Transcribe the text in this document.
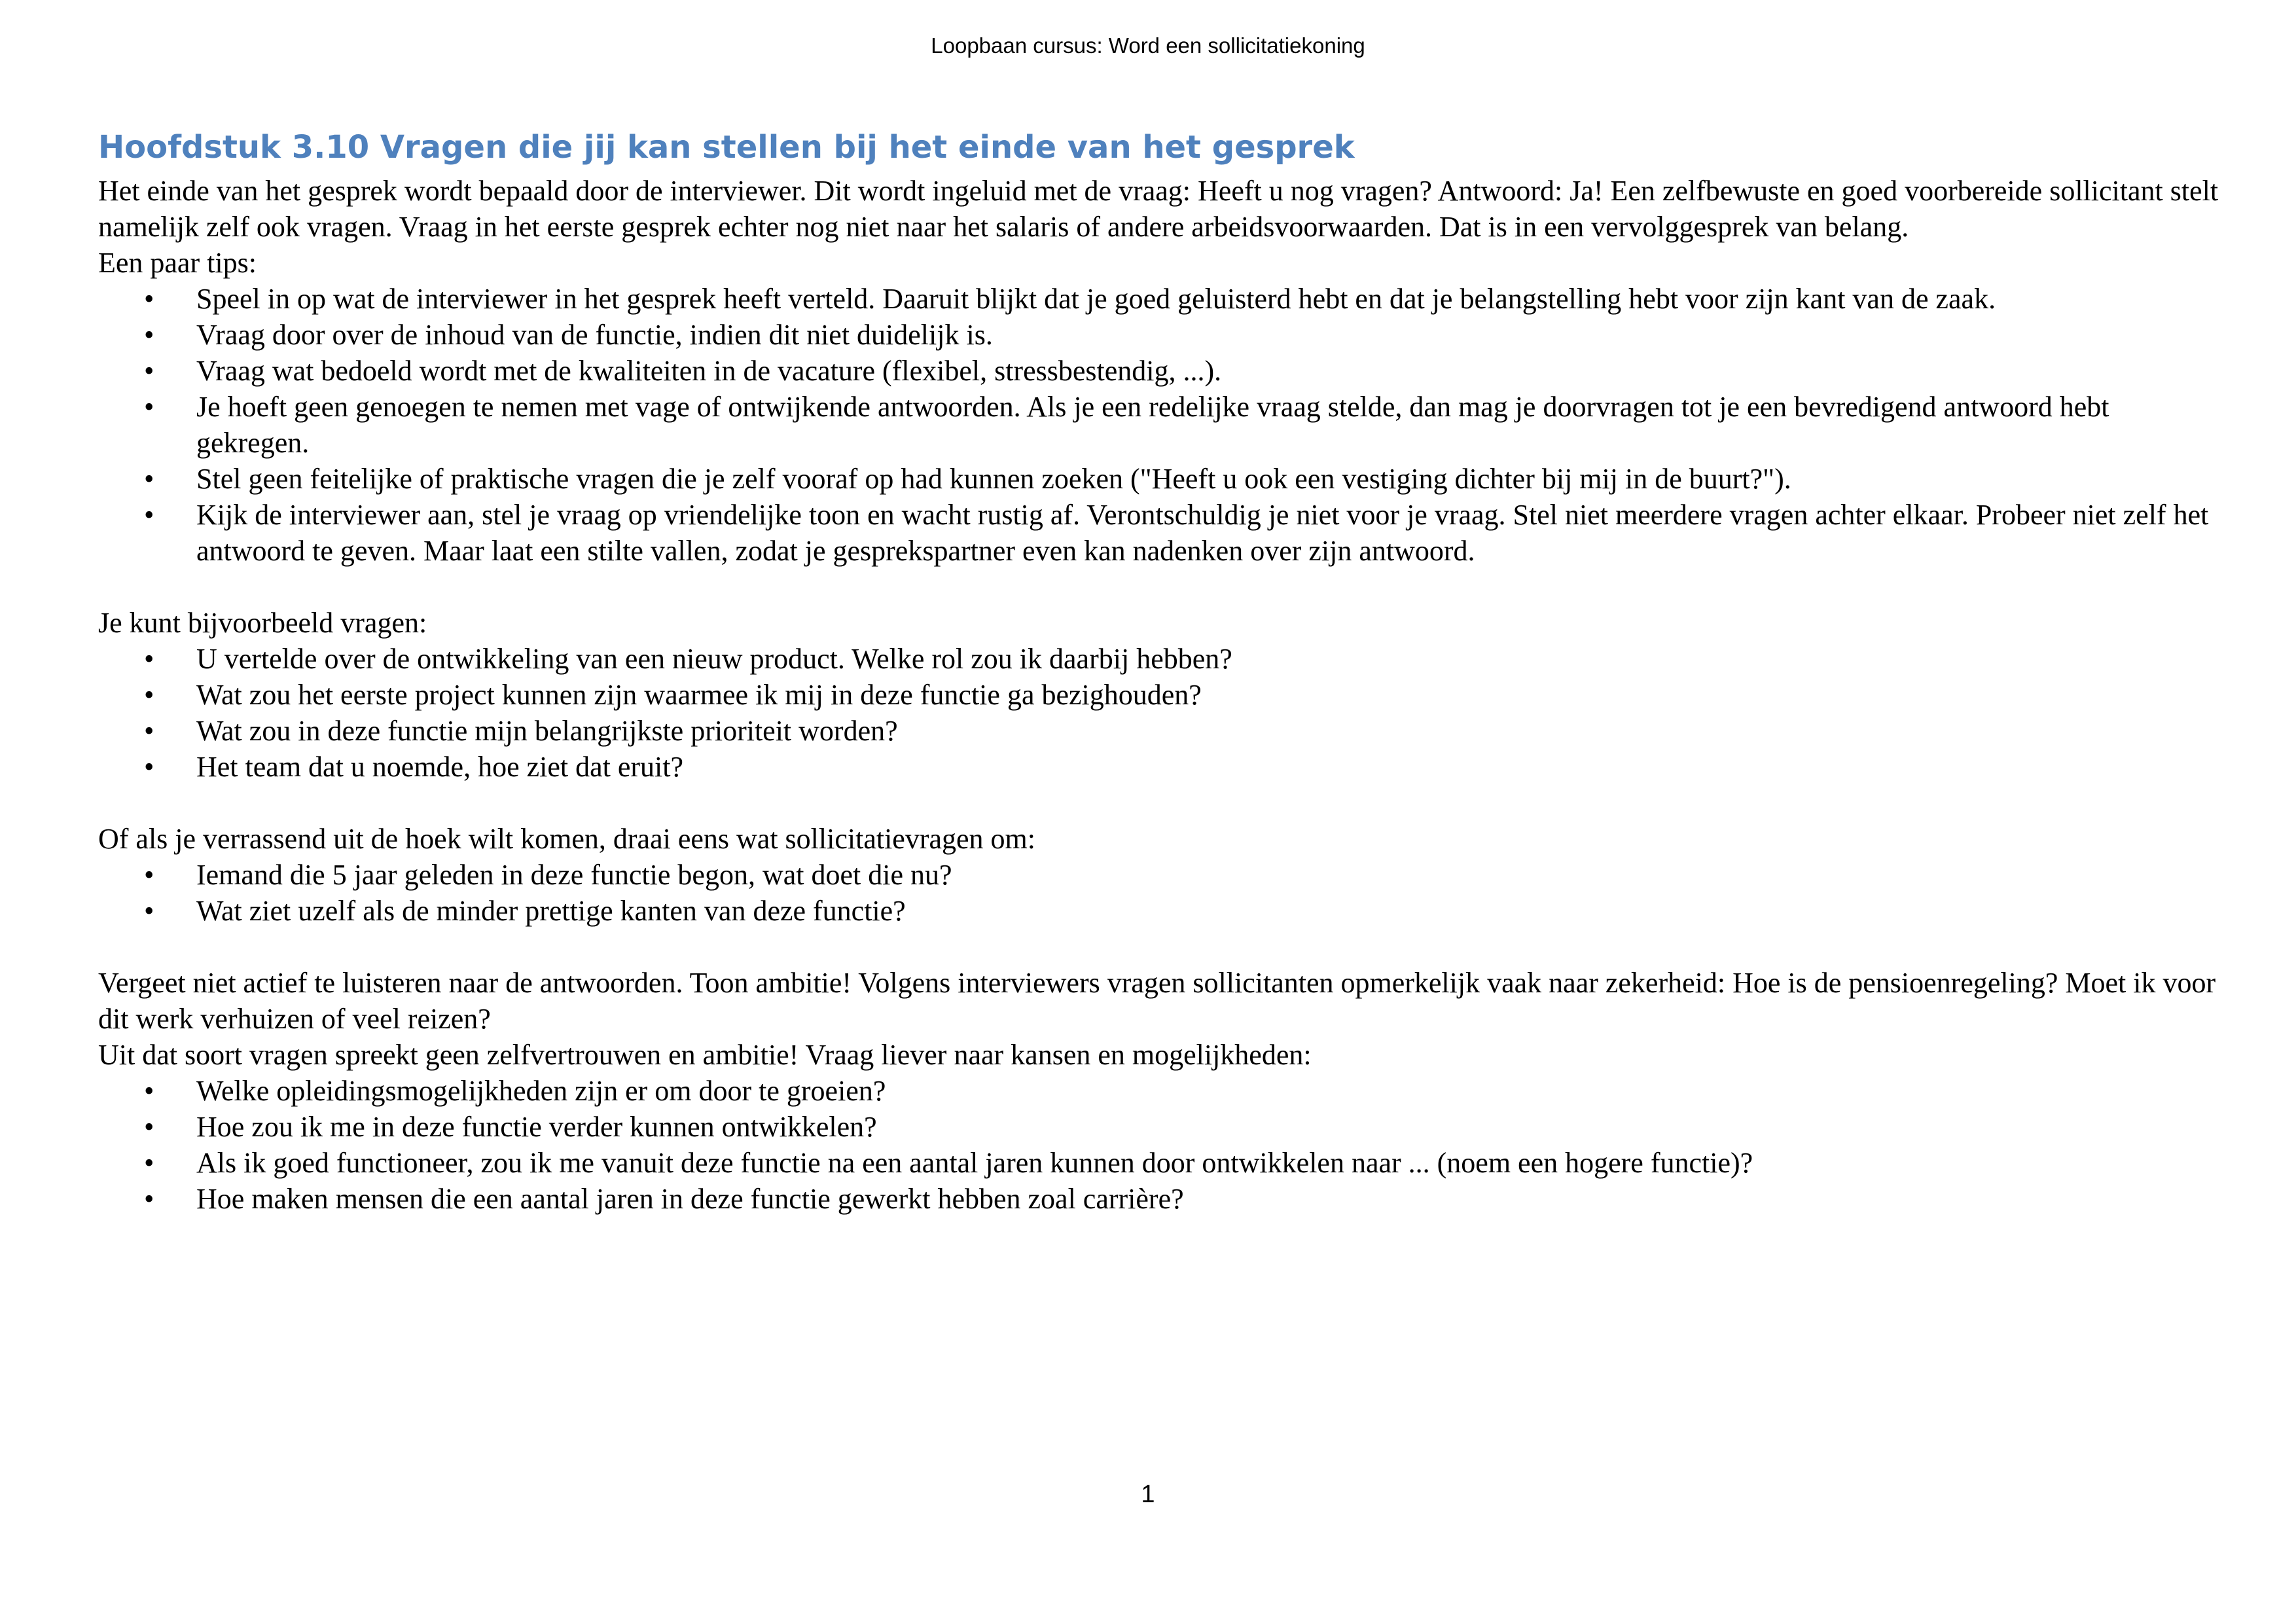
Loopbaan cursus: Word een sollicitatiekoning
Hoofdstuk 3.10 Vragen die jij kan stellen bij het einde van het gesprek

Het einde van het gesprek wordt bepaald door de interviewer. Dit wordt ingeluid met de vraag: Heeft u nog vragen? Antwoord: Ja! Een zelfbewuste en goed voorbereide sollicitant stelt namelijk zelf ook vragen. Vraag in het eerste gesprek echter nog niet naar het salaris of andere arbeidsvoorwaarden. Dat is in een vervolggesprek van belang.

Een paar tips:

• Speel in op wat de interviewer in het gesprek heeft verteld. Daaruit blijkt dat je goed geluisterd hebt en dat je belangstelling hebt voor zijn kant van de zaak.
• Vraag door over de inhoud van de functie, indien dit niet duidelijk is.
• Vraag wat bedoeld wordt met de kwaliteiten in de vacature (flexibel, stressbestendig, ...).
• Je hoeft geen genoegen te nemen met vage of ontwijkende antwoorden. Als je een redelijke vraag stelde, dan mag je doorvragen tot je een bevredigend antwoord hebt gekregen.
• Stel geen feitelijke of praktische vragen die je zelf vooraf op had kunnen zoeken ("Heeft u ook een vestiging dichter bij mij in de buurt?").
• Kijk de interviewer aan, stel je vraag op vriendelijke toon en wacht rustig af. Verontschuldig je niet voor je vraag. Stel niet meerdere vragen achter elkaar. Probeer niet zelf het antwoord te geven. Maar laat een stilte vallen, zodat je gesprekspartner even kan nadenken over zijn antwoord.

Je kunt bijvoorbeeld vragen:

• U vertelde over de ontwikkeling van een nieuw product. Welke rol zou ik daarbij hebben?
• Wat zou het eerste project kunnen zijn waarmee ik mij in deze functie ga bezighouden?
• Wat zou in deze functie mijn belangrijkste prioriteit worden?
• Het team dat u noemde, hoe ziet dat eruit?

Of als je verrassend uit de hoek wilt komen, draai eens wat sollicitatievragen om:

• Iemand die 5 jaar geleden in deze functie begon, wat doet die nu?
• Wat ziet uzelf als de minder prettige kanten van deze functie?

Vergeet niet actief te luisteren naar de antwoorden. Toon ambitie! Volgens interviewers vragen sollicitanten opmerkelijk vaak naar zekerheid: Hoe is de pensioenregeling? Moet ik voor dit werk verhuizen of veel reizen?

Uit dat soort vragen spreekt geen zelfvertrouwen en ambitie! Vraag liever naar kansen en mogelijkheden:

• Welke opleidingsmogelijkheden zijn er om door te groeien?
• Hoe zou ik me in deze functie verder kunnen ontwikkelen?
• Als ik goed functioneer, zou ik me vanuit deze functie na een aantal jaren kunnen door ontwikkelen naar ... (noem een hogere functie)?
• Hoe maken mensen die een aantal jaren in deze functie gewerkt hebben zoal carrière?
1
